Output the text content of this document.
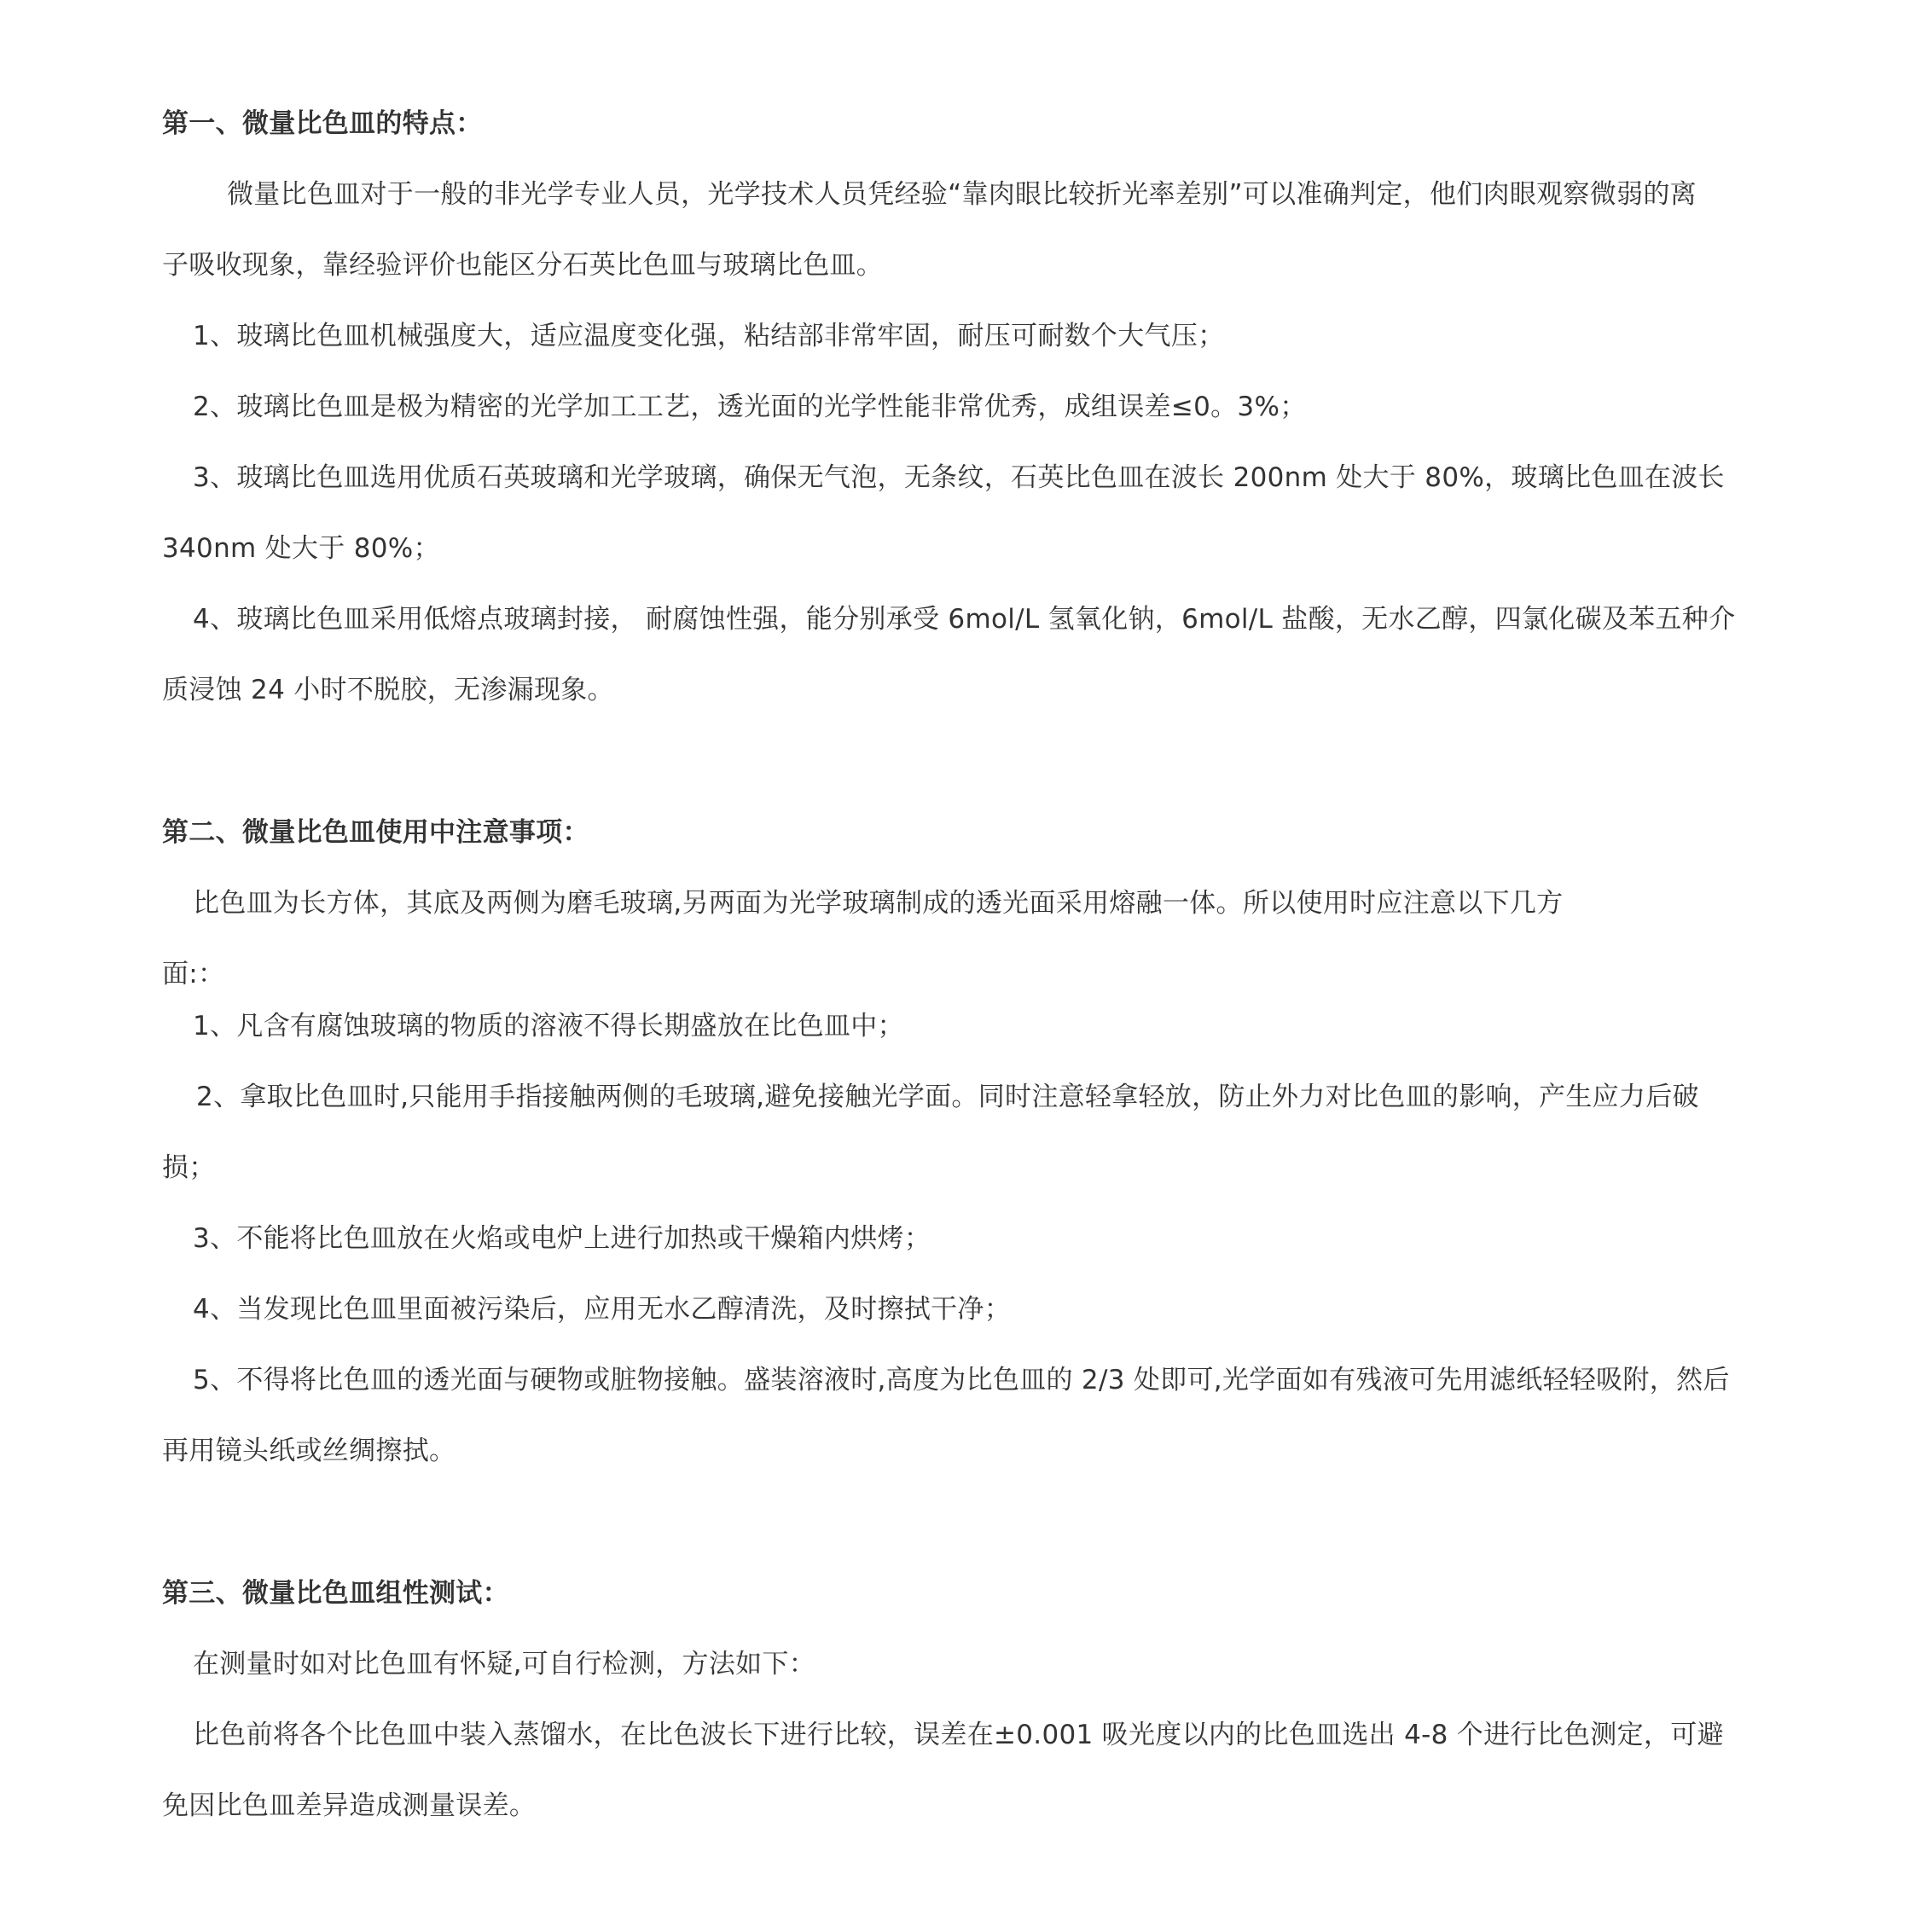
第一、微量比色皿的特点：
微量比色皿对于一般的非光学专业人员，光学技术人员凭经验“靠肉眼比较折光率差别”可以准确判定，他们肉眼观察微弱的离
子吸收现象，靠经验评价也能区分石英比色皿与玻璃比色皿。
1、玻璃比色皿机械强度大，适应温度变化强，粘结部非常牢固，耐压可耐数个大气压；
2、玻璃比色皿是极为精密的光学加工工艺，透光面的光学性能非常优秀，成组误差≤0。3%；
3、玻璃比色皿选用优质石英玻璃和光学玻璃，确保无气泡，无条纹，石英比色皿在波长 200nm 处大于 80%，玻璃比色皿在波长
340nm 处大于 80%；
4、玻璃比色皿采用低熔点玻璃封接， 耐腐蚀性强，能分别承受 6mol/L 氢氧化钠，6mol/L 盐酸，无水乙醇，四氯化碳及苯五种介
质浸蚀 24 小时不脱胶，无渗漏现象。
第二、微量比色皿使用中注意事项：
比色皿为长方体，其底及两侧为磨毛玻璃,另两面为光学玻璃制成的透光面采用熔融一体。所以使用时应注意以下几方
面:：
1、凡含有腐蚀玻璃的物质的溶液不得长期盛放在比色皿中；
2、拿取比色皿时,只能用手指接触两侧的毛玻璃,避免接触光学面。同时注意轻拿轻放，防止外力对比色皿的影响，产生应力后破
损；
3、不能将比色皿放在火焰或电炉上进行加热或干燥箱内烘烤；
4、当发现比色皿里面被污染后，应用无水乙醇清洗，及时擦拭干净；
5、不得将比色皿的透光面与硬物或脏物接触。盛装溶液时,高度为比色皿的 2/3 处即可,光学面如有残液可先用滤纸轻轻吸附，然后
再用镜头纸或丝绸擦拭。
第三、微量比色皿组性测试：
在测量时如对比色皿有怀疑,可自行检测，方法如下：
比色前将各个比色皿中装入蒸馏水，在比色波长下进行比较，误差在±0.001 吸光度以内的比色皿选出 4-8 个进行比色测定，可避
免因比色皿差异造成测量误差。
